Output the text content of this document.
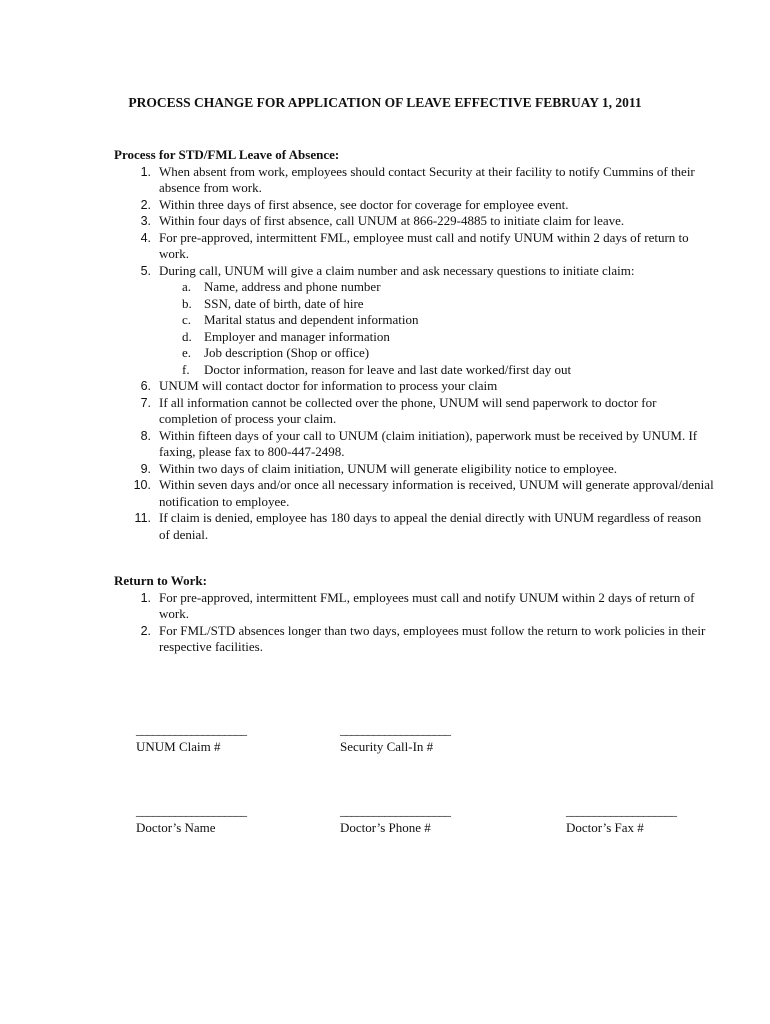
PROCESS CHANGE FOR APPLICATION OF LEAVE EFFECTIVE FEBRUAY 1, 2011

Process for STD/FML Leave of Absence:

1. When absent from work, employees should contact Security at their facility to notify Cummins of their absence from work.
2. Within three days of first absence, see doctor for coverage for employee event.
3. Within four days of first absence, call UNUM at 866-229-4885 to initiate claim for leave.
4. For pre-approved, intermittent FML, employee must call and notify UNUM within 2 days of return to work.
5. During call, UNUM will give a claim number and ask necessary questions to initiate claim:
a. Name, address and phone number
b. SSN, date of birth, date of hire
c. Marital status and dependent information
d. Employer and manager information
e. Job description (Shop or office)
f. Doctor information, reason for leave and last date worked/first day out
6. UNUM will contact doctor for information to process your claim
7. If all information cannot be collected over the phone, UNUM will send paperwork to doctor for completion of process your claim.
8. Within fifteen days of your call to UNUM (claim initiation), paperwork must be received by UNUM. If faxing, please fax to 800-447-2498.
9. Within two days of claim initiation, UNUM will generate eligibility notice to employee.
10. Within seven days and/or once all necessary information is received, UNUM will generate approval/denial notification to employee.
11. If claim is denied, employee has 180 days to appeal the denial directly with UNUM regardless of reason of denial.

Return to Work:

1. For pre-approved, intermittent FML, employees must call and notify UNUM within 2 days of return of work.
2. For FML/STD absences longer than two days, employees must follow the return to work policies in their respective facilities.
____________________
UNUM Claim #
____________________
Security Call-In #
____________________
Doctor’s Name
____________________
Doctor’s Phone #
____________________
Doctor’s Fax #
